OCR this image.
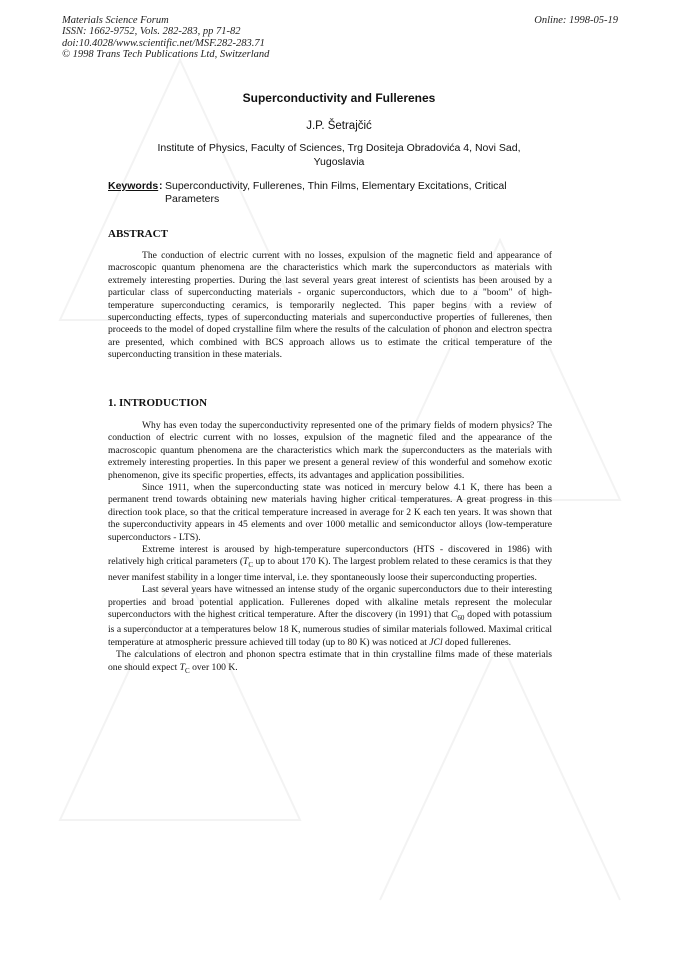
Materials Science Forum
ISSN: 1662-9752, Vols. 282-283, pp 71-82
doi:10.4028/www.scientific.net/MSF.282-283.71
© 1998 Trans Tech Publications Ltd, Switzerland
Online: 1998-05-19
Superconductivity and Fullerenes
J.P. Šetrajčić
Institute of Physics, Faculty of Sciences, Trg Dositeja Obradovića 4, Novi Sad,
Yugoslavia
Keywords : Superconductivity, Fullerenes, Thin Films, Elementary Excitations, Critical Parameters
ABSTRACT

The conduction of electric current with no losses, expulsion of the magnetic field and appearance of macroscopic quantum phenomena are the characteristics which mark the superconductors as materials with extremely interesting properties. During the last several years great interest of scientists has been aroused by a particular class of superconducting materials - organic superconductors, which due to a "boom" of high-temperature superconducting ceramics, is temporarily neglected. This paper begins with a review of superconducting effects, types of superconducting materials and superconductive properties of fullerenes, then proceeds to the model of doped crystalline film where the results of the calculation of phonon and electron spectra are presented, which combined with BCS approach allows us to estimate the critical temperature of the superconducting transition in these materials.

1. INTRODUCTION

Why has even today the superconductivity represented one of the primary fields of modern physics? The conduction of electric current with no losses, expulsion of the magnetic filed and the appearance of the macroscopic quantum phenomena are the characteristics which mark the superconducters as the materials with extremely interesting properties. In this paper we present a general review of this wonderful and somehow exotic phenomenon, give its specific properties, effects, its advantages and application possibilities.

Since 1911, when the superconducting state was noticed in mercury below 4.1 K, there has been a permanent trend towards obtaining new materials having higher critical temperatures. A great progress in this direction took place, so that the critical temperature increased in average for 2 K each ten years. It was shown that the superconductivity appears in 45 elements and over 1000 metallic and semiconductor alloys (low-temperature superconductors - LTS).

Extreme interest is aroused by high-temperature superconductors (HTS - discovered in 1986) with relatively high critical parameters ($T_C$ up to about 170 K). The largest problem related to these ceramics is that they never manifest stability in a longer time interval, i.e. they spontaneously loose their superconducting properties.

Last several years have witnessed an intense study of the organic superconductors due to their interesting properties and broad potential application. Fullerenes doped with alkaline metals represent the molecular superconductors with the highest critical temperature. After the discovery (in 1991) that $C_{60}$ doped with potassium is a superconductor at a temperatures below 18 K, numerous studies of similar materials followed. Maximal critical temperature at atmospheric pressure achieved till today (up to 80 K) was noticed at JCl doped fullerenes.

The calculations of electron and phonon spectra estimate that in thin crystalline films made of these materials one should expect $T_C$ over 100 K.
